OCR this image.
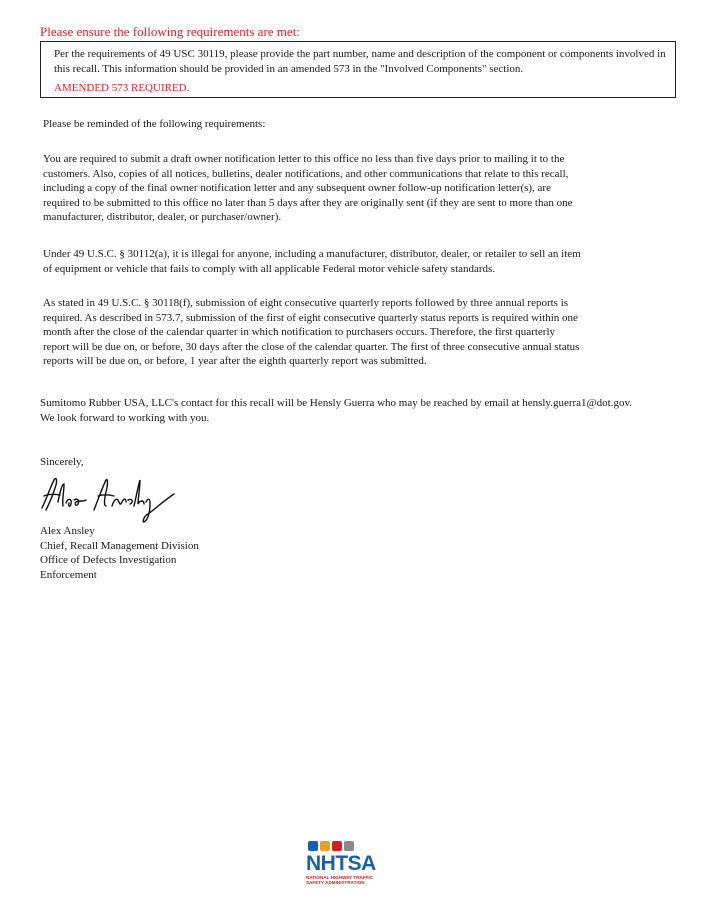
Please ensure the following requirements are met:

Per the requirements of 49 USC 30119, please provide the part number, name and description of the component or components involved in this recall. This information should be provided in an amended 573 in the "Involved Components" section.

AMENDED 573 REQUIRED.

Please be reminded of the following requirements:

You are required to submit a draft owner notification letter to this office no less than five days prior to mailing it to the
customers. Also, copies of all notices, bulletins, dealer notifications, and other communications that relate to this recall,
including a copy of the final owner notification letter and any subsequent owner follow-up notification letter(s), are
required to be submitted to this office no later than 5 days after they are originally sent (if they are sent to more than one
manufacturer, distributor, dealer, or purchaser/owner).

Under 49 U.S.C. § 30112(a), it is illegal for anyone, including a manufacturer, distributor, dealer, or retailer to sell an item
of equipment or vehicle that fails to comply with all applicable Federal motor vehicle safety standards.

As stated in 49 U.S.C. § 30118(f), submission of eight consecutive quarterly reports followed by three annual reports is
required. As described in 573.7, submission of the first of eight consecutive quarterly status reports is required within one
month after the close of the calendar quarter in which notification to purchasers occurs. Therefore, the first quarterly
report will be due on, or before, 30 days after the close of the calendar quarter. The first of three consecutive annual status
reports will be due on, or before, 1 year after the eighth quarterly report was submitted.

Sumitomo Rubber USA, LLC's contact for this recall will be Hensly Guerra who may be reached by email at hensly.guerra1@dot.gov.
We look forward to working with you.

Sincerely,
Alex Ansley
Chief, Recall Management Division
Office of Defects Investigation
Enforcement
NHTSA
NATIONAL HIGHWAY TRAFFIC
SAFETY ADMINISTRATION
